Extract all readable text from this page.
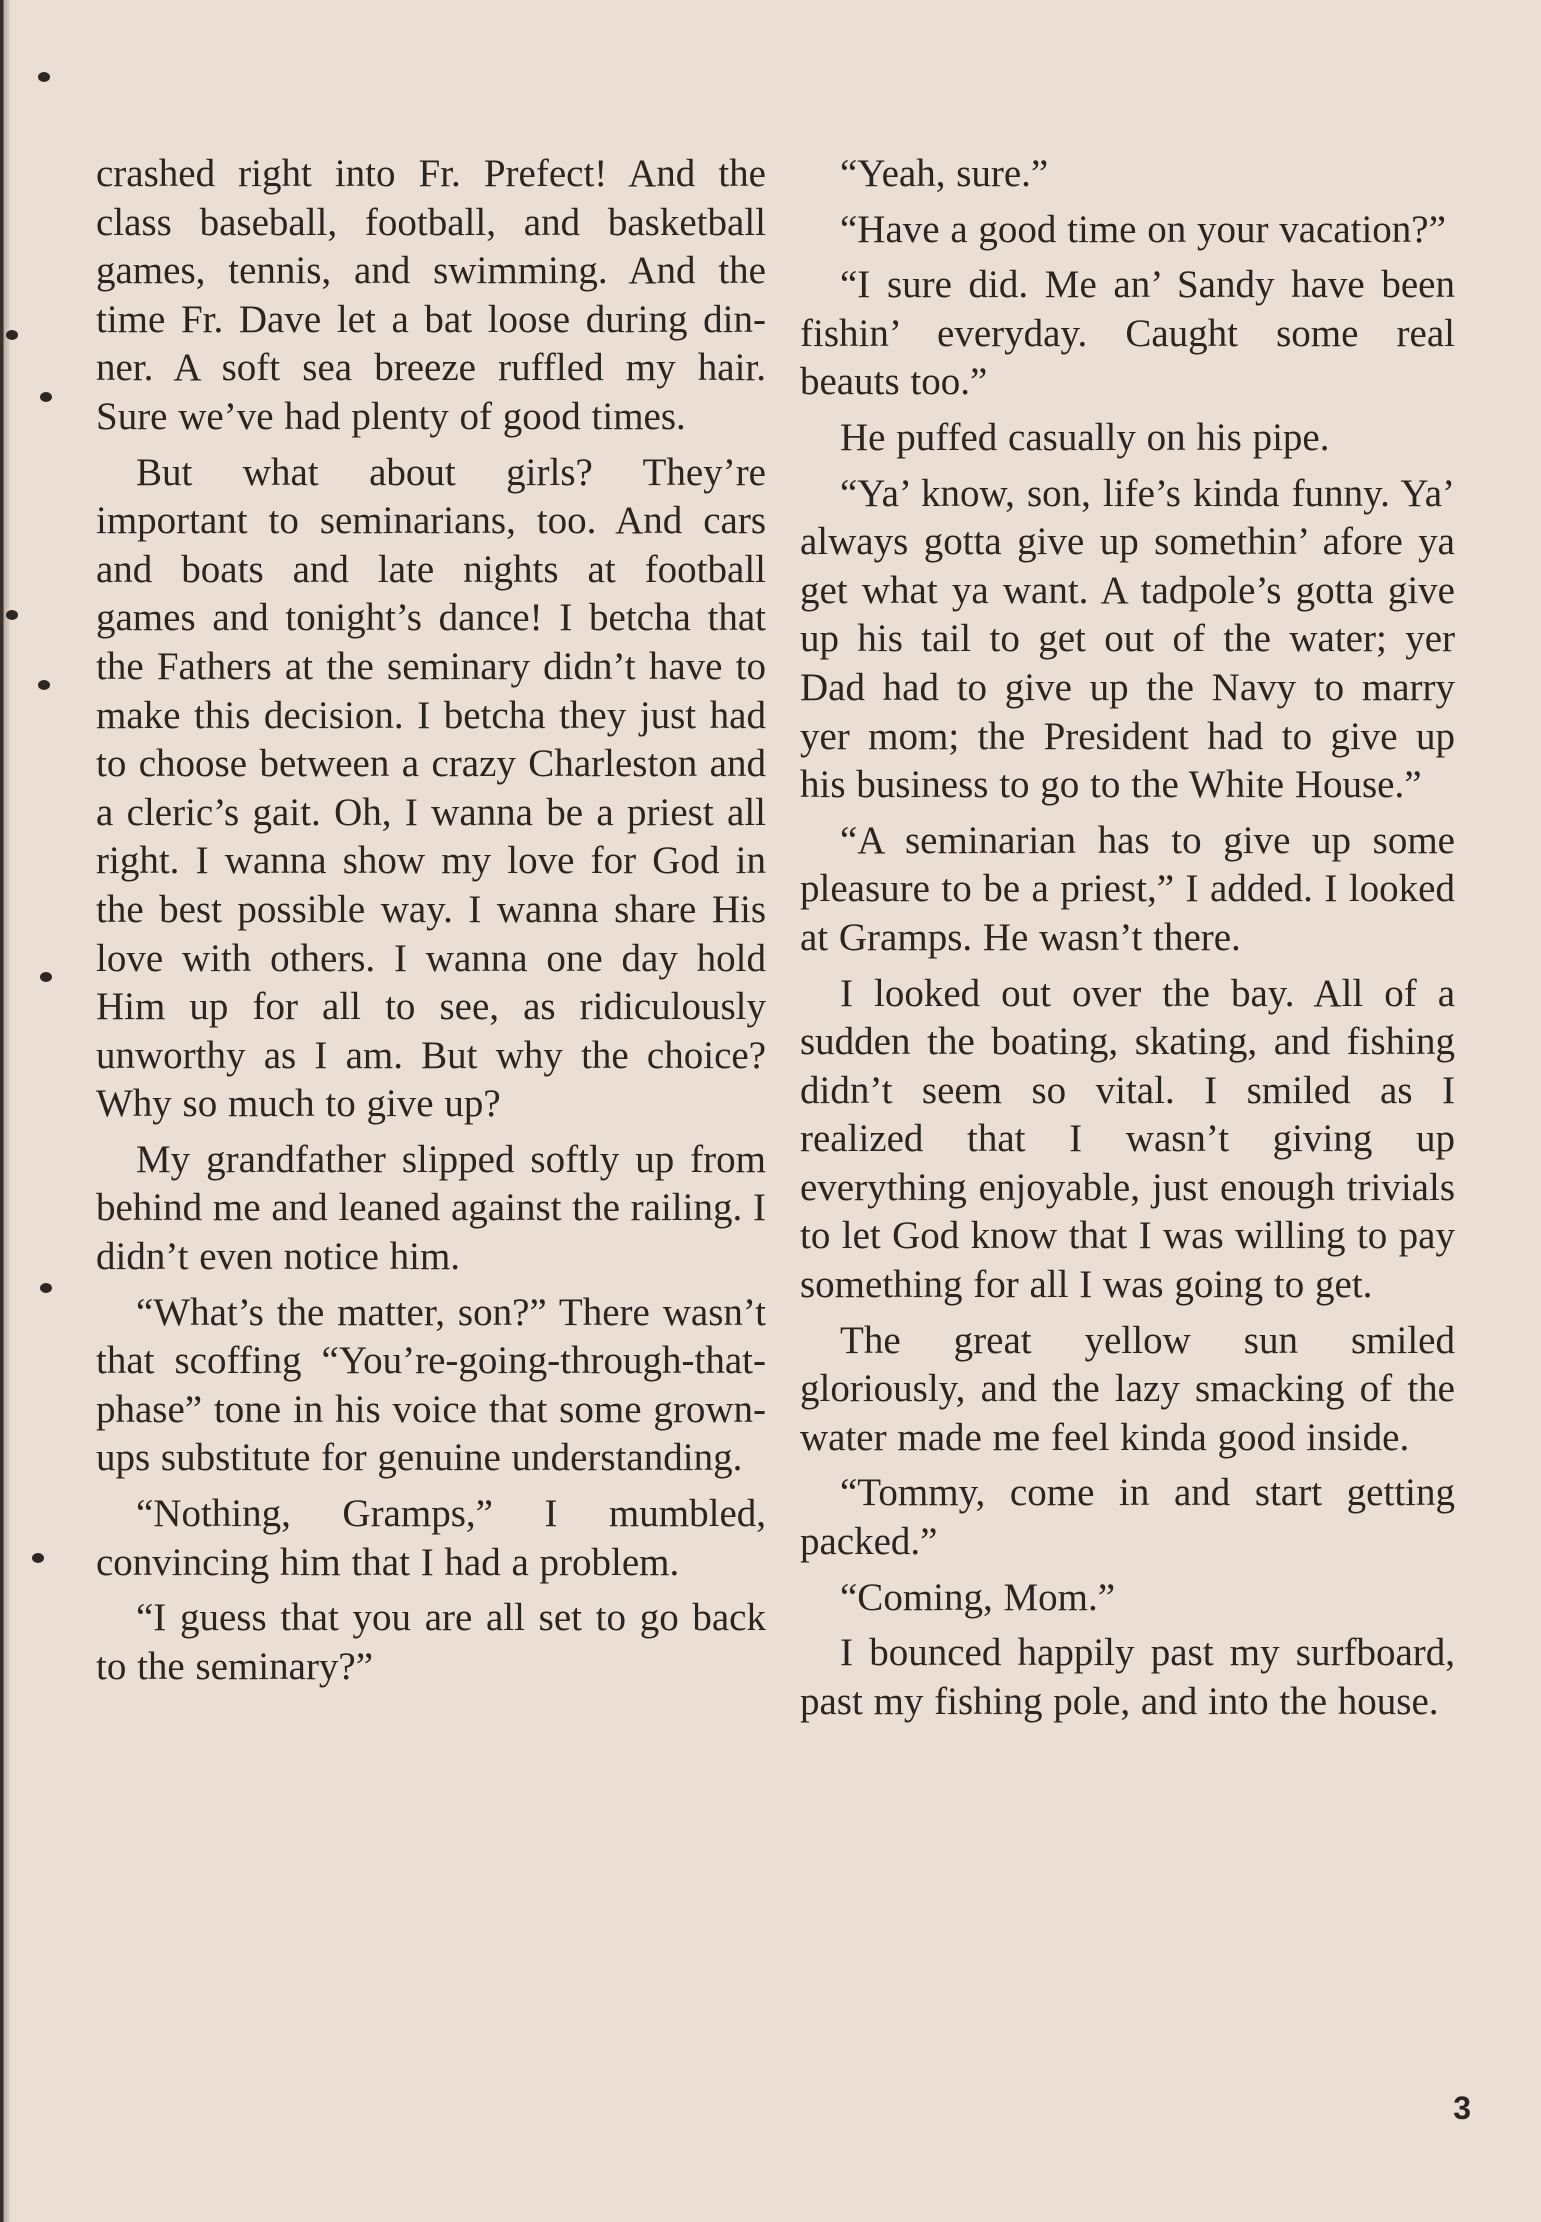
crashed right into Fr. Prefect! And the class baseball, football, and basketball games, tennis, and swimming. And the time Fr. Dave let a bat loose during dinner. A soft sea breeze ruffled my hair. Sure we’ve had plenty of good times.

But what about girls? They’re important to seminarians, too. And cars and boats and late nights at football games and tonight’s dance! I betcha that the Fathers at the seminary didn’t have to make this decision. I betcha they just had to choose between a crazy Charleston and a cleric’s gait. Oh, I wanna be a priest all right. I wanna show my love for God in the best possible way. I wanna share His love with others. I wanna one day hold Him up for all to see, as ridiculously unworthy as I am. But why the choice? Why so much to give up?

My grandfather slipped softly up from behind me and leaned against the railing. I didn’t even notice him.

“What’s the matter, son?” There wasn’t that scoffing “You’re-going-through-that-phase” tone in his voice that some grown-ups substitute for genuine understanding.

“Nothing, Gramps,” I mumbled, convincing him that I had a problem.

“I guess that you are all set to go back to the seminary?”

“Yeah, sure.”

“Have a good time on your vacation?”

“I sure did. Me an’ Sandy have been fishin’ everyday. Caught some real beauts too.”

He puffed casually on his pipe.

“Ya’ know, son, life’s kinda funny. Ya’ always gotta give up somethin’ afore ya get what ya want. A tadpole’s gotta give up his tail to get out of the water; yer Dad had to give up the Navy to marry yer mom; the President had to give up his business to go to the White House.”

“A seminarian has to give up some pleasure to be a priest,” I added. I looked at Gramps. He wasn’t there.

I looked out over the bay. All of a sudden the boating, skating, and fishing didn’t seem so vital. I smiled as I realized that I wasn’t giving up everything enjoyable, just enough trivials to let God know that I was willing to pay something for all I was going to get.

The great yellow sun smiled gloriously, and the lazy smacking of the water made me feel kinda good inside.

“Tommy, come in and start getting packed.”

“Coming, Mom.”

I bounced happily past my surfboard, past my fishing pole, and into the house.

3
